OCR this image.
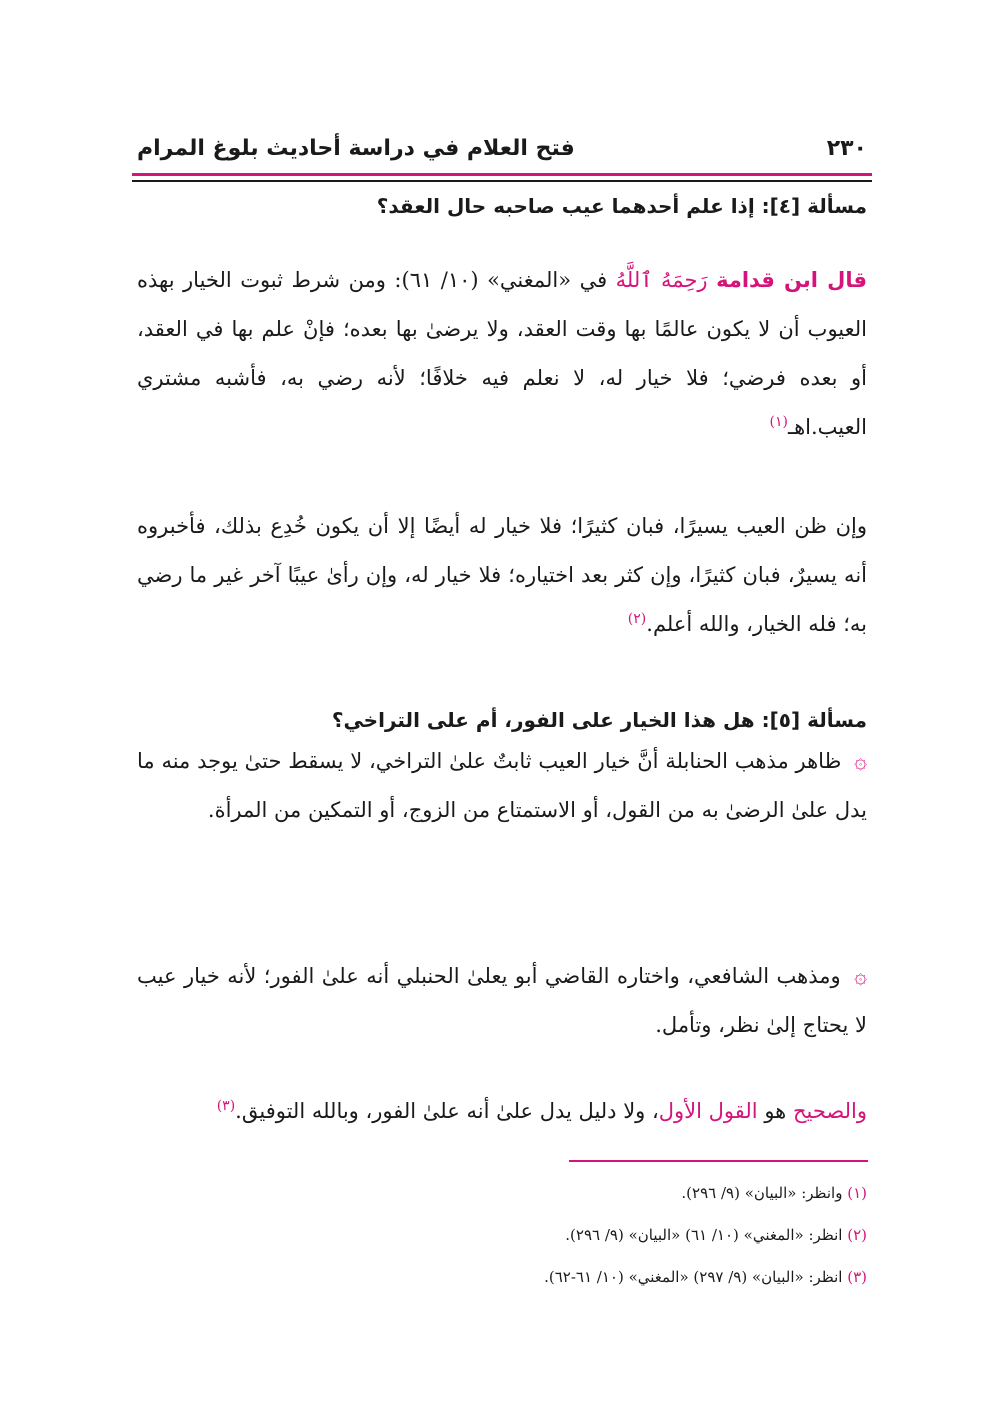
٢٣٠
فتح العلام في دراسة أحاديث بلوغ المرام
مسألة [٤]: إذا علم أحدهما عيب صاحبه حال العقد؟

قال ابن قدامة رَحِمَهُ ٱللَّهُ في «المغني» (١٠/ ٦١): ومن شرط ثبوت الخيار بهذه العيوب أن لا يكون عالمًا بها وقت العقد، ولا يرضىٰ بها بعده؛ فإنْ علم بها في العقد، أو بعده فرضي؛ فلا خيار له، لا نعلم فيه خلافًا؛ لأنه رضي به، فأشبه مشتري العيب.اهـ$^{(١)}$

وإن ظن العيب يسيرًا، فبان كثيرًا؛ فلا خيار له أيضًا إلا أن يكون خُدِع بذلك، فأخبروه أنه يسيرٌ، فبان كثيرًا، وإن كثر بعد اختياره؛ فلا خيار له، وإن رأىٰ عيبًا آخر غير ما رضي به؛ فله الخيار، والله أعلم.$^{(٢)}$

مسألة [٥]: هل هذا الخيار على الفور، أم على التراخي؟

۞ ظاهر مذهب الحنابلة أنَّ خيار العيب ثابتٌ علىٰ التراخي، لا يسقط حتىٰ يوجد منه ما يدل علىٰ الرضىٰ به من القول، أو الاستمتاع من الزوج، أو التمكين من المرأة.

۞ ومذهب الشافعي، واختاره القاضي أبو يعلىٰ الحنبلي أنه علىٰ الفور؛ لأنه خيار عيب لا يحتاج إلىٰ نظر، وتأمل.

والصحيح هو القول الأول، ولا دليل يدل علىٰ أنه علىٰ الفور، وبالله التوفيق.$^{(٣)}$

(١) وانظر: «البيان» (٩/ ٢٩٦).
(٢) انظر: «المغني» (١٠/ ٦١) «البيان» (٩/ ٢٩٦).
(٣) انظر: «البيان» (٩/ ٢٩٧) «المغني» (١٠/ ٦١-٦٢).
